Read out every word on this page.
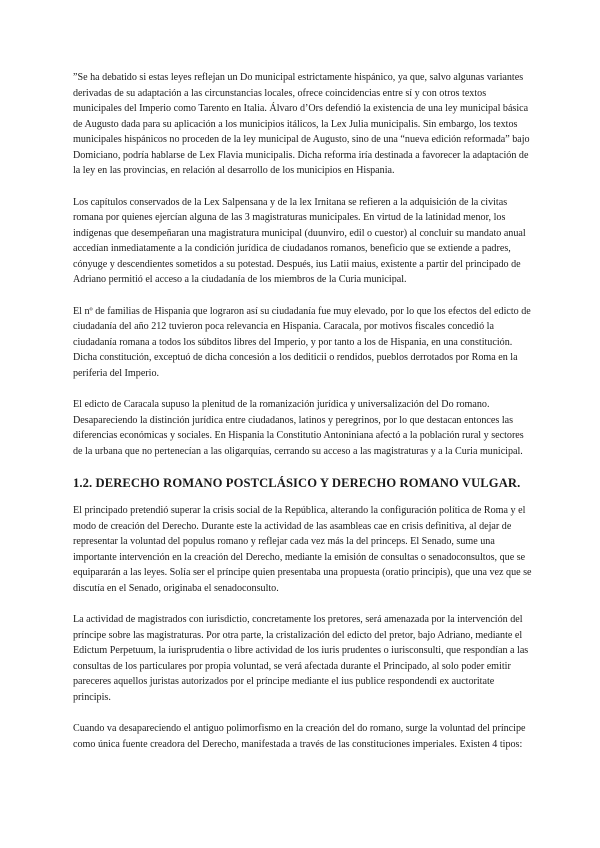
”Se ha debatido si estas leyes reflejan un Do municipal estrictamente hispánico, ya que, salvo algunas variantes derivadas de su adaptación a las circunstancias locales, ofrece coincidencias entre sí y con otros textos municipales del Imperio como Tarento en Italia. Álvaro d’Ors defendió la existencia de una ley municipal básica de Augusto dada para su aplicación a los municipios itálicos, la Lex Julia municipalis. Sin embargo, los textos municipales hispánicos no proceden de la ley municipal de Augusto, sino de una “nueva edición reformada” bajo Domiciano, podría hablarse de Lex Flavia municipalis. Dicha reforma iría destinada a favorecer la adaptación de la ley en las provincias, en relación al desarrollo de los municipios en Hispania.

Los capítulos conservados de la Lex Salpensana y de la lex Irnitana se refieren a la adquisición de la civitas romana por quienes ejercían alguna de las 3 magistraturas municipales. En virtud de la latinidad menor, los indígenas que desempeñaran una magistratura municipal (duunviro, edil o cuestor) al concluir su mandato anual accedían inmediatamente a la condición jurídica de ciudadanos romanos, beneficio que se extiende a padres, cónyuge y descendientes sometidos a su potestad. Después, ius Latii maius, existente a partir del principado de Adriano permitió el acceso a la ciudadanía de los miembros de la Curia municipal.

El nº de familias de Hispania que lograron así su ciudadanía fue muy elevado, por lo que los efectos del edicto de ciudadanía del año 212 tuvieron poca relevancia en Hispania. Caracala, por motivos fiscales concedió la ciudadanía romana a todos los súbditos libres del Imperio, y por tanto a los de Hispania, en una constitución. Dicha constitución, exceptuó de dicha concesión a los dediticii o rendidos, pueblos derrotados por Roma en la periferia del Imperio.

El edicto de Caracala supuso la plenitud de la romanización jurídica y universalización del Do romano. Desapareciendo la distinción jurídica entre ciudadanos, latinos y peregrinos, por lo que destacan entonces las diferencias económicas y sociales. En Hispania la Constitutio Antoniniana afectó a la población rural y sectores de la urbana que no pertenecían a las oligarquías, cerrando su acceso a las magistraturas y a la Curia municipal.

1.2. DERECHO ROMANO POSTCLÁSICO Y DERECHO ROMANO VULGAR.

El principado pretendió superar la crisis social de la República, alterando la configuración política de Roma y el modo de creación del Derecho. Durante este la actividad de las asambleas cae en crisis definitiva, al dejar de representar la voluntad del populus romano y reflejar cada vez más la del princeps. El Senado, sume una importante intervención en la creación del Derecho, mediante la emisión de consultas o senadoconsultos, que se equipararán a las leyes. Solía ser el príncipe quien presentaba una propuesta (oratio principis), que una vez que se discutía en el Senado, originaba el senadoconsulto.

La actividad de magistrados con iurisdictio, concretamente los pretores, será amenazada por la intervención del príncipe sobre las magistraturas. Por otra parte, la cristalización del edicto del pretor, bajo Adriano, mediante el Edictum Perpetuum, la iurisprudentia o libre actividad de los iuris prudentes o iurisconsulti, que respondían a las consultas de los particulares por propia voluntad, se verá afectada durante el Principado, al solo poder emitir pareceres aquellos juristas autorizados por el príncipe mediante el ius publice respondendi ex auctoritate principis.

Cuando va desapareciendo el antiguo polimorfismo en la creación del do romano, surge la voluntad del príncipe como única fuente creadora del Derecho, manifestada a través de las constituciones imperiales. Existen 4 tipos:
